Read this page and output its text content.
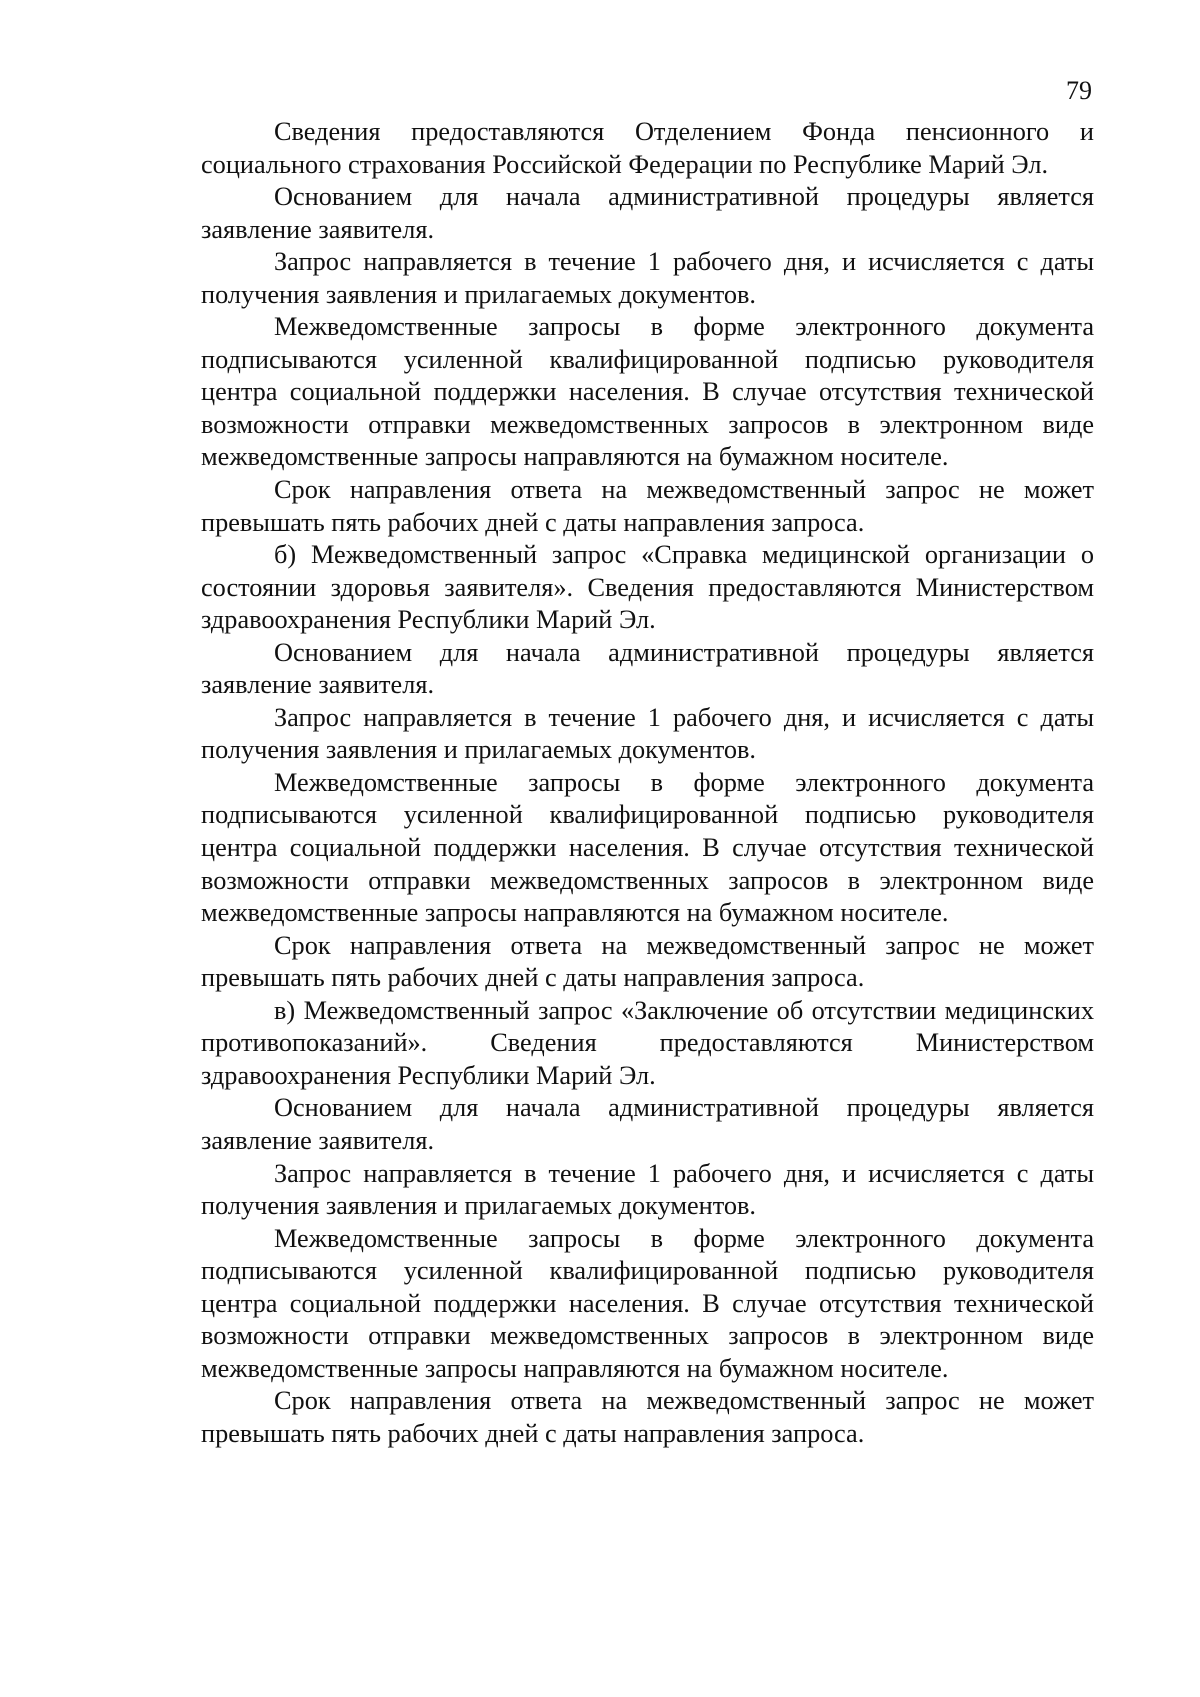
79

Сведения предоставляются Отделением Фонда пенсионного и социального страхования Российской Федерации по Республике Марий Эл.

Основанием для начала административной процедуры является заявление заявителя.

Запрос направляется в течение 1 рабочего дня, и исчисляется с даты получения заявления и прилагаемых документов.

Межведомственные запросы в форме электронного документа подписываются усиленной квалифицированной подписью руководителя центра социальной поддержки населения. В случае отсутствия технической возможности отправки межведомственных запросов в электронном виде межведомственные запросы направляются на бумажном носителе.

Срок направления ответа на межведомственный запрос не может превышать пять рабочих дней с даты направления запроса.

б) Межведомственный запрос «Справка медицинской организации о состоянии здоровья заявителя». Сведения предоставляются Министерством здравоохранения Республики Марий Эл.

Основанием для начала административной процедуры является заявление заявителя.

Запрос направляется в течение 1 рабочего дня, и исчисляется с даты получения заявления и прилагаемых документов.

Межведомственные запросы в форме электронного документа подписываются усиленной квалифицированной подписью руководителя центра социальной поддержки населения. В случае отсутствия технической возможности отправки межведомственных запросов в электронном виде межведомственные запросы направляются на бумажном носителе.

Срок направления ответа на межведомственный запрос не может превышать пять рабочих дней с даты направления запроса.

в) Межведомственный запрос «Заключение об отсутствии медицинских противопоказаний». Сведения предоставляются Министерством здравоохранения Республики Марий Эл.

Основанием для начала административной процедуры является заявление заявителя.

Запрос направляется в течение 1 рабочего дня, и исчисляется с даты получения заявления и прилагаемых документов.

Межведомственные запросы в форме электронного документа подписываются усиленной квалифицированной подписью руководителя центра социальной поддержки населения. В случае отсутствия технической возможности отправки межведомственных запросов в электронном виде межведомственные запросы направляются на бумажном носителе.

Срок направления ответа на межведомственный запрос не может превышать пять рабочих дней с даты направления запроса.
